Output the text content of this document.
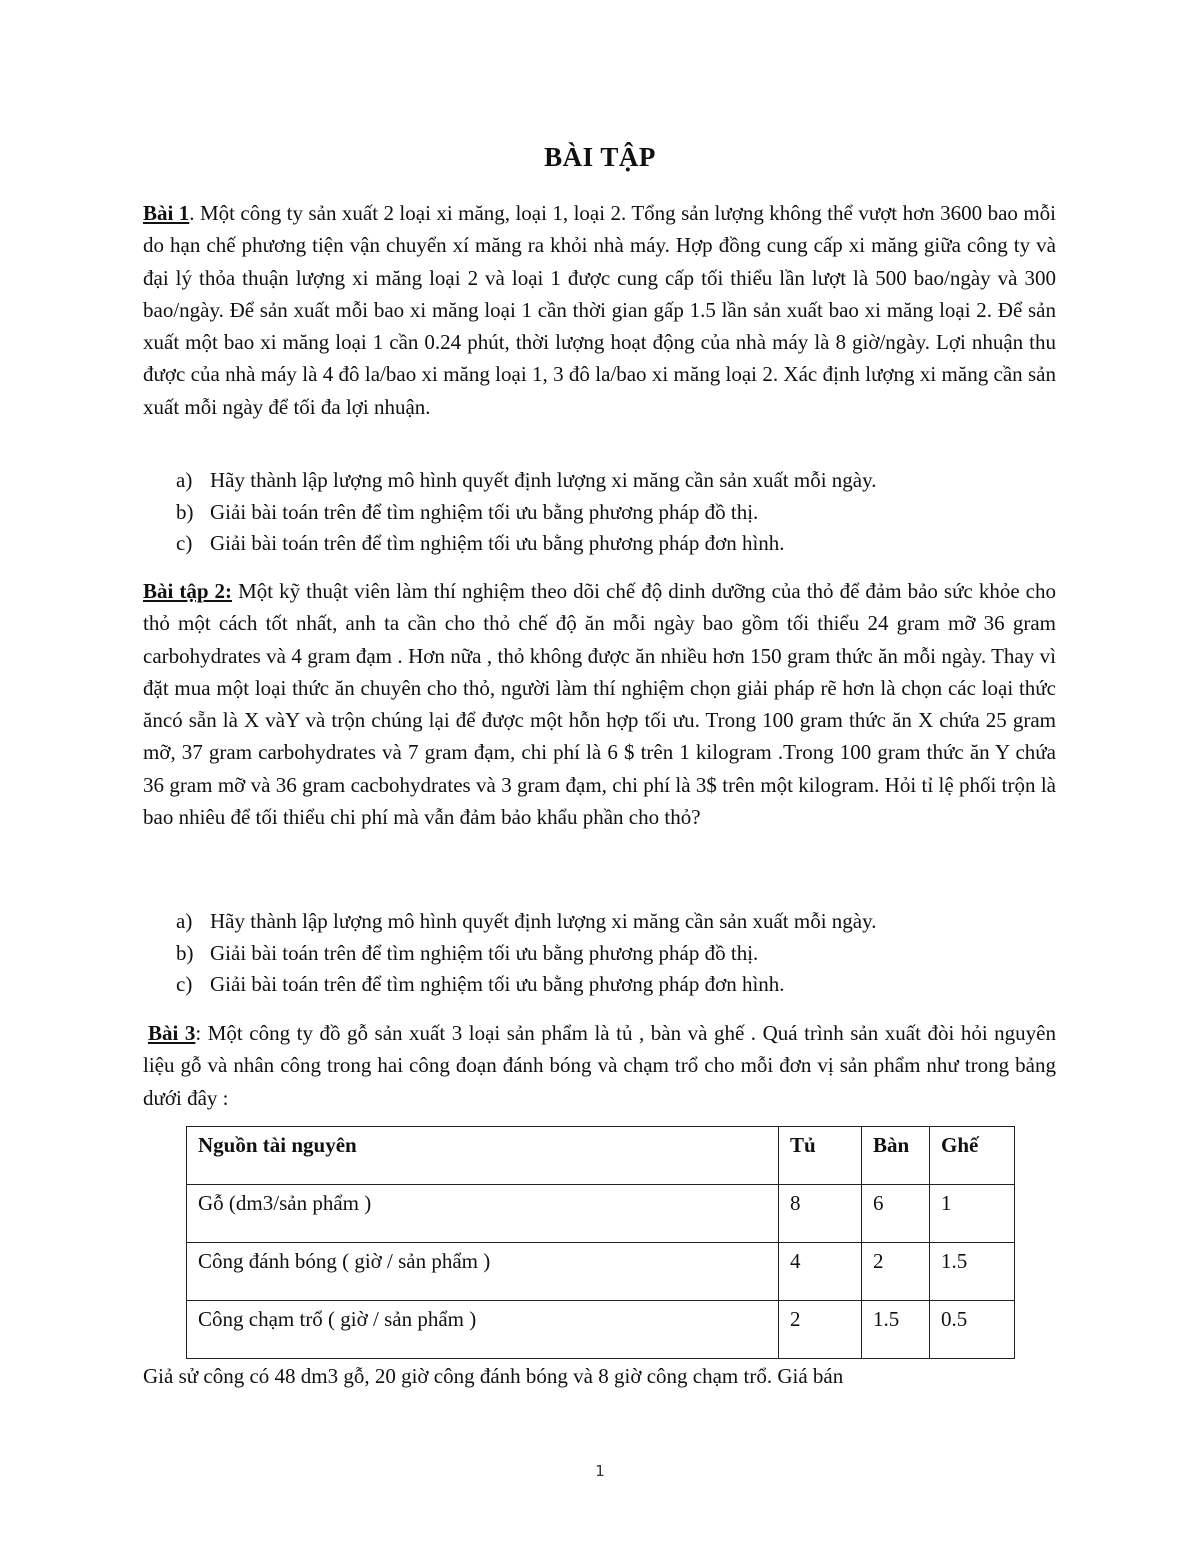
BÀI TẬP

Bài 1. Một công ty sản xuất 2 loại xi măng, loại 1, loại 2. Tổng sản lượng không thể vượt hơn 3600 bao mỗi do hạn chế phương tiện vận chuyển xí măng ra khỏi nhà máy. Hợp đồng cung cấp xi măng giữa công ty và đại lý thỏa thuận lượng xi măng loại 2 và loại 1 được cung cấp tối thiểu lần lượt là 500 bao/ngày và 300 bao/ngày. Để sản xuất mỗi bao xi măng loại 1 cần thời gian gấp 1.5 lần sản xuất bao xi măng loại 2. Để sản xuất một bao xi măng loại 1 cần 0.24 phút, thời lượng hoạt động của nhà máy là 8 giờ/ngày. Lợi nhuận thu được của nhà máy là 4 đô la/bao xi măng loại 1, 3 đô la/bao xi măng loại 2. Xác định lượng xi măng cần sản xuất mỗi ngày để tối đa lợi nhuận.

a) Hãy thành lập lượng mô hình quyết định lượng xi măng cần sản xuất mỗi ngày.
b) Giải bài toán trên để tìm nghiệm tối ưu bằng phương pháp đồ thị.
c) Giải bài toán trên để tìm nghiệm tối ưu bằng phương pháp đơn hình.

Bài tập 2: Một kỹ thuật viên làm thí nghiệm theo dõi chế độ dinh dưỡng của thỏ để đảm bảo sức khỏe cho thỏ một cách tốt nhất, anh ta cần cho thỏ chế độ ăn mỗi ngày bao gồm tối thiểu 24 gram mỡ 36 gram carbohydrates và 4 gram đạm . Hơn nữa , thỏ không được ăn nhiều hơn 150 gram thức ăn mỗi ngày. Thay vì đặt mua một loại thức ăn chuyên cho thỏ, người làm thí nghiệm chọn giải pháp rẽ hơn là chọn các loại thức ăncó sẵn là X vàY và trộn chúng lại để được một hỗn hợp tối ưu. Trong 100 gram thức ăn X chứa 25 gram mỡ, 37 gram carbohydrates và 7 gram đạm, chi phí là 6 $ trên 1 kilogram .Trong 100 gram thức ăn Y chứa 36 gram mỡ và 36 gram cacbohydrates và 3 gram đạm, chi phí là 3$ trên một kilogram. Hỏi tỉ lệ phối trộn là bao nhiêu để tối thiểu chi phí mà vẫn đảm bảo khẩu phần cho thỏ?

a) Hãy thành lập lượng mô hình quyết định lượng xi măng cần sản xuất mỗi ngày.
b) Giải bài toán trên để tìm nghiệm tối ưu bằng phương pháp đồ thị.
c) Giải bài toán trên để tìm nghiệm tối ưu bằng phương pháp đơn hình.

Bài 3: Một công ty đồ gỗ sản xuất 3 loại sản phẩm là tủ , bàn và ghế . Quá trình sản xuất đòi hỏi nguyên liệu gỗ và nhân công trong hai công đoạn đánh bóng và chạm trổ cho mỗi đơn vị sản phẩm như trong bảng dưới đây :

Nguồn tài nguyên	Tủ	Bàn	Ghế
Gỗ (dm3/sản phẩm )	8	6	1
Công đánh bóng ( giờ / sản phẩm )	4	2	1.5
Công chạm trổ ( giờ / sản phẩm )	2	1.5	0.5

Giả sử công có 48 dm3 gỗ, 20 giờ công đánh bóng và 8 giờ công chạm trổ. Giá bán

1
